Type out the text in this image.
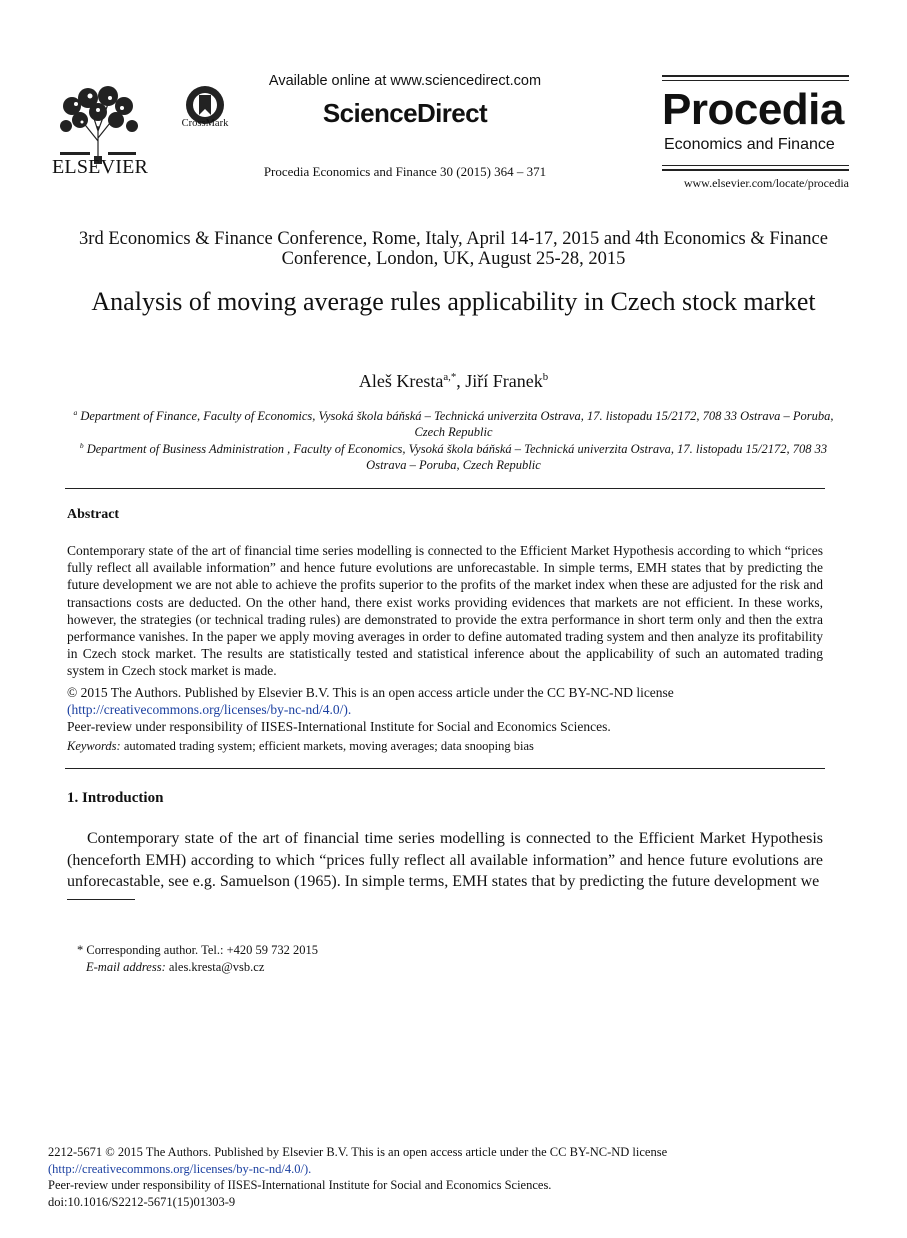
ELSEVIER
CrossMark
Available online at www.sciencedirect.com
ScienceDirect
Procedia Economics and Finance 30 (2015) 364 – 371
Procedia
Economics and Finance
www.elsevier.com/locate/procedia
3rd Economics & Finance Conference, Rome, Italy, April 14-17, 2015 and 4th Economics & Finance Conference, London, UK, August 25-28, 2015
Analysis of moving average rules applicability in Czech stock market
Aleš Kresta$^{a,*}$, Jiří Franek$^b$
$^a$ Department of Finance, Faculty of Economics, Vysoká škola báňská – Technická univerzita Ostrava, 17. listopadu 15/2172, 708 33 Ostrava – Poruba, Czech Republic
$^b$ Department of Business Administration , Faculty of Economics, Vysoká škola báňská – Technická univerzita Ostrava, 17. listopadu 15/2172, 708 33 Ostrava – Poruba, Czech Republic
Abstract
Contemporary state of the art of financial time series modelling is connected to the Efficient Market Hypothesis according to which “prices fully reflect all available information” and hence future evolutions are unforecastable. In simple terms, EMH states that by predicting the future development we are not able to achieve the profits superior to the profits of the market index when these are adjusted for the risk and transactions costs are deducted. On the other hand, there exist works providing evidences that markets are not efficient. In these works, however, the strategies (or technical trading rules) are demonstrated to provide the extra performance in short term only and then the extra performance vanishes. In the paper we apply moving averages in order to define automated trading system and then analyze its profitability in Czech stock market. The results are statistically tested and statistical inference about the applicability of such an automated trading system in Czech stock market is made.
© 2015 The Authors. Published by Elsevier B.V. This is an open access article under the CC BY-NC-ND license
(http://creativecommons.org/licenses/by-nc-nd/4.0/).
Peer-review under responsibility of IISES-International Institute for Social and Economics Sciences.
Keywords: automated trading system; efficient markets, moving averages; data snooping bias
1. Introduction
Contemporary state of the art of financial time series modelling is connected to the Efficient Market Hypothesis (henceforth EMH) according to which “prices fully reflect all available information” and hence future evolutions are unforecastable, see e.g. Samuelson (1965). In simple terms, EMH states that by predicting the future development we
* Corresponding author. Tel.: +420 59 732 2015
E-mail address: ales.kresta@vsb.cz
2212-5671 © 2015 The Authors. Published by Elsevier B.V. This is an open access article under the CC BY-NC-ND license
(http://creativecommons.org/licenses/by-nc-nd/4.0/).
Peer-review under responsibility of IISES-International Institute for Social and Economics Sciences.
doi:10.1016/S2212-5671(15)01303-9
